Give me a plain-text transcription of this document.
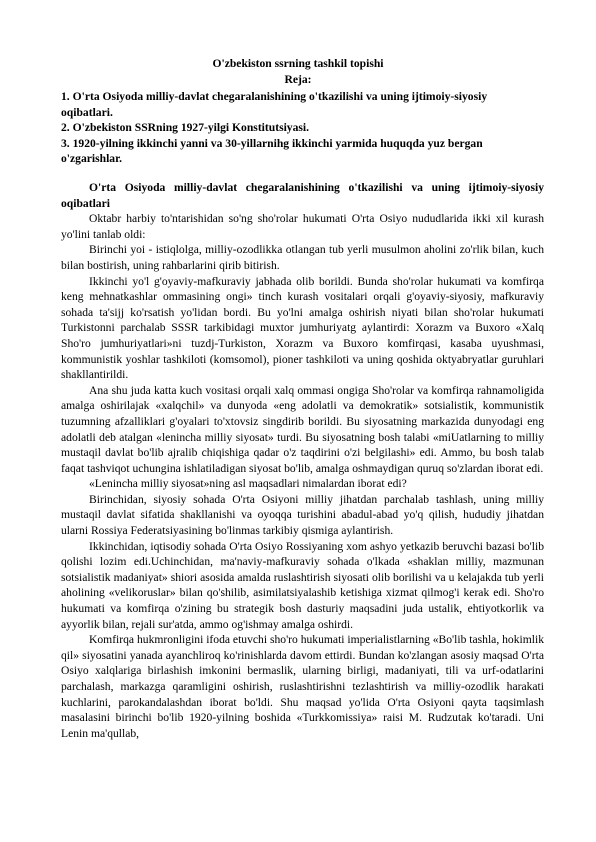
O'zbekiston ssrning tashkil topishi
Reja:

1. O'rta Osiyoda milliy-davlat chegaralanishining o'tkazilishi va uning ijtimoiy-siyosiy oqibatlari.

2. O'zbekiston SSRning 1927-yilgi Konstitutsiyasi.

3. 1920-yilning ikkinchi yanni va 30-yillarnihg ikkinchi yarmida huquqda yuz bergan o'zgarishlar.

O'rta Osiyoda milliy-davlat chegaralanishining o'tkazilishi va uning ijtimoiy-siyosiy oqibatlari

Oktabr harbiy to'ntarishidan so'ng sho'rolar hukumati O'rta Osiyo nududlarida ikki xil kurash yo'lini tanlab oldi:

Birinchi yoi - istiqlolga, milliy-ozodlikka otlangan tub yerli musulmon aholini zo'rlik bilan, kuch bilan bostirish, uning rahbarlarini qirib bitirish.

Ikkinchi yo'l g'oyaviy-mafkuraviy jabhada olib borildi. Bunda sho'rolar hukumati va komfirqa keng mehnatkashlar ommasining ongi» tinch kurash vositalari orqali g'oyaviy-siyosiy, mafkuraviy sohada ta'sijj ko'rsatish yo'lidan bordi. Bu yo'lni amalga oshirish niyati bilan sho'rolar hukumati Turkistonni parchalab SSSR tarkibidagi muxtor jumhuriyatg aylantirdi: Xorazm va Buxoro «Xalq Sho'ro jumhuriyatlari»ni tuzdj-Turkiston, Xorazm va Buxoro komfirqasi, kasaba uyushmasi, kommunistik yoshlar tashkiloti (komsomol), pioner tashkiloti va uning qoshida oktyabryatlar guruhlari shakllantirildi.

Ana shu juda katta kuch vositasi orqali xalq ommasi ongiga Sho'rolar va komfirqa rahnamoligida amalga oshirilajak «xalqchil» va dunyoda «eng adolatli va demokratik» sotsialistik, kommunistik tuzumning afzalliklari g'oyalari to'xtovsiz singdirib borildi. Bu siyosatning markazida dunyodagi eng adolatli deb atalgan «lenincha milliy siyosat» turdi. Bu siyosatning bosh talabi «miUatlarning to milliy mustaqil davlat bo'lib ajralib chiqishiga qadar o'z taqdirini o'zi belgilashi» edi. Ammo, bu bosh talab faqat tashviqot uchungina ishlatiladigan siyosat bo'lib, amalga oshmaydigan quruq so'zlardan iborat edi.

«Lenincha milliy siyosat»ning asl maqsadlari nimalardan iborat edi?

Birinchidan, siyosiy sohada O'rta Osiyoni milliy jihatdan parchalab tashlash, uning milliy mustaqil davlat sifatida shakllanishi va oyoqqa turishini abadul-abad yo'q qilish, hududiy jihatdan ularni Rossiya Federatsiyasining bo'linmas tarkibiy qismiga aylantirish.

Ikkinchidan, iqtisodiy sohada O'rta Osiyo Rossiyaning xom ashyo yetkazib beruvchi bazasi bo'lib qolishi lozim edi.Uchinchidan, ma'naviy-mafkuraviy sohada o'lkada «shaklan milliy, mazmunan sotsialistik madaniyat» shiori asosida amalda ruslashtirish siyosati olib borilishi va u kelajakda tub yerli aholining «velikoruslar» bilan qo'shilib, asimilatsiyalashib ketishiga xizmat qilmog'i kerak edi. Sho'ro hukumati va komfirqa o'zining bu strategik bosh dasturiy maqsadini juda ustalik, ehtiyotkorlik va ayyorlik bilan, rejali sur'atda, ammo og'ishmay amalga oshirdi.

Komfirqa hukmronligini ifoda etuvchi sho'ro hukumati imperialistlarning «Bo'lib tashla, hokimlik qil» siyosatini yanada ayanchliroq ko'rinishlarda davom ettirdi. Bundan ko'zlangan asosiy maqsad O'rta Osiyo xalqlariga birlashish imkonini bermaslik, ularning birligi, madaniyati, tili va urf-odatlarini parchalash, markazga qaramligini oshirish, ruslashtirishni tezlashtirish va milliy-ozodlik harakati kuchlarini, parokandalashdan iborat bo'ldi. Shu maqsad yo'lida O'rta Osiyoni qayta taqsimlash masalasini birinchi bo'lib 1920-yilning boshida «Turkkomissiya» raisi M. Rudzutak ko'taradi. Uni Lenin ma'qullab,
